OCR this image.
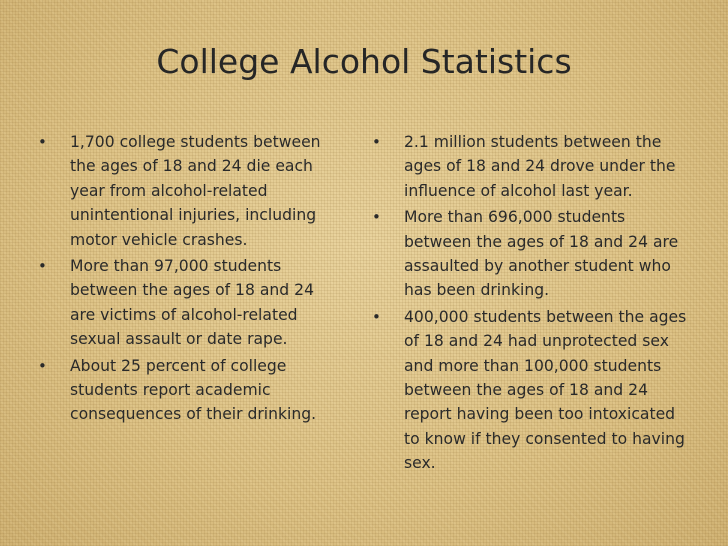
College Alcohol Statistics
• 1,700 college students between the ages of 18 and 24 die each year from alcohol-related unintentional injuries, including motor vehicle crashes.
• More than 97,000 students between the ages of 18 and 24 are victims of alcohol-related sexual assault or date rape.
• About 25 percent of college students report academic consequences of their drinking.
• 2.1 million students between the ages of 18 and 24 drove under the influence of alcohol last year.
• More than 696,000 students between the ages of 18 and 24 are assaulted by another student who has been drinking.
• 400,000 students between the ages of 18 and 24 had unprotected sex and more than 100,000 students between the ages of 18 and 24 report having been too intoxicated to know if they consented to having sex.
